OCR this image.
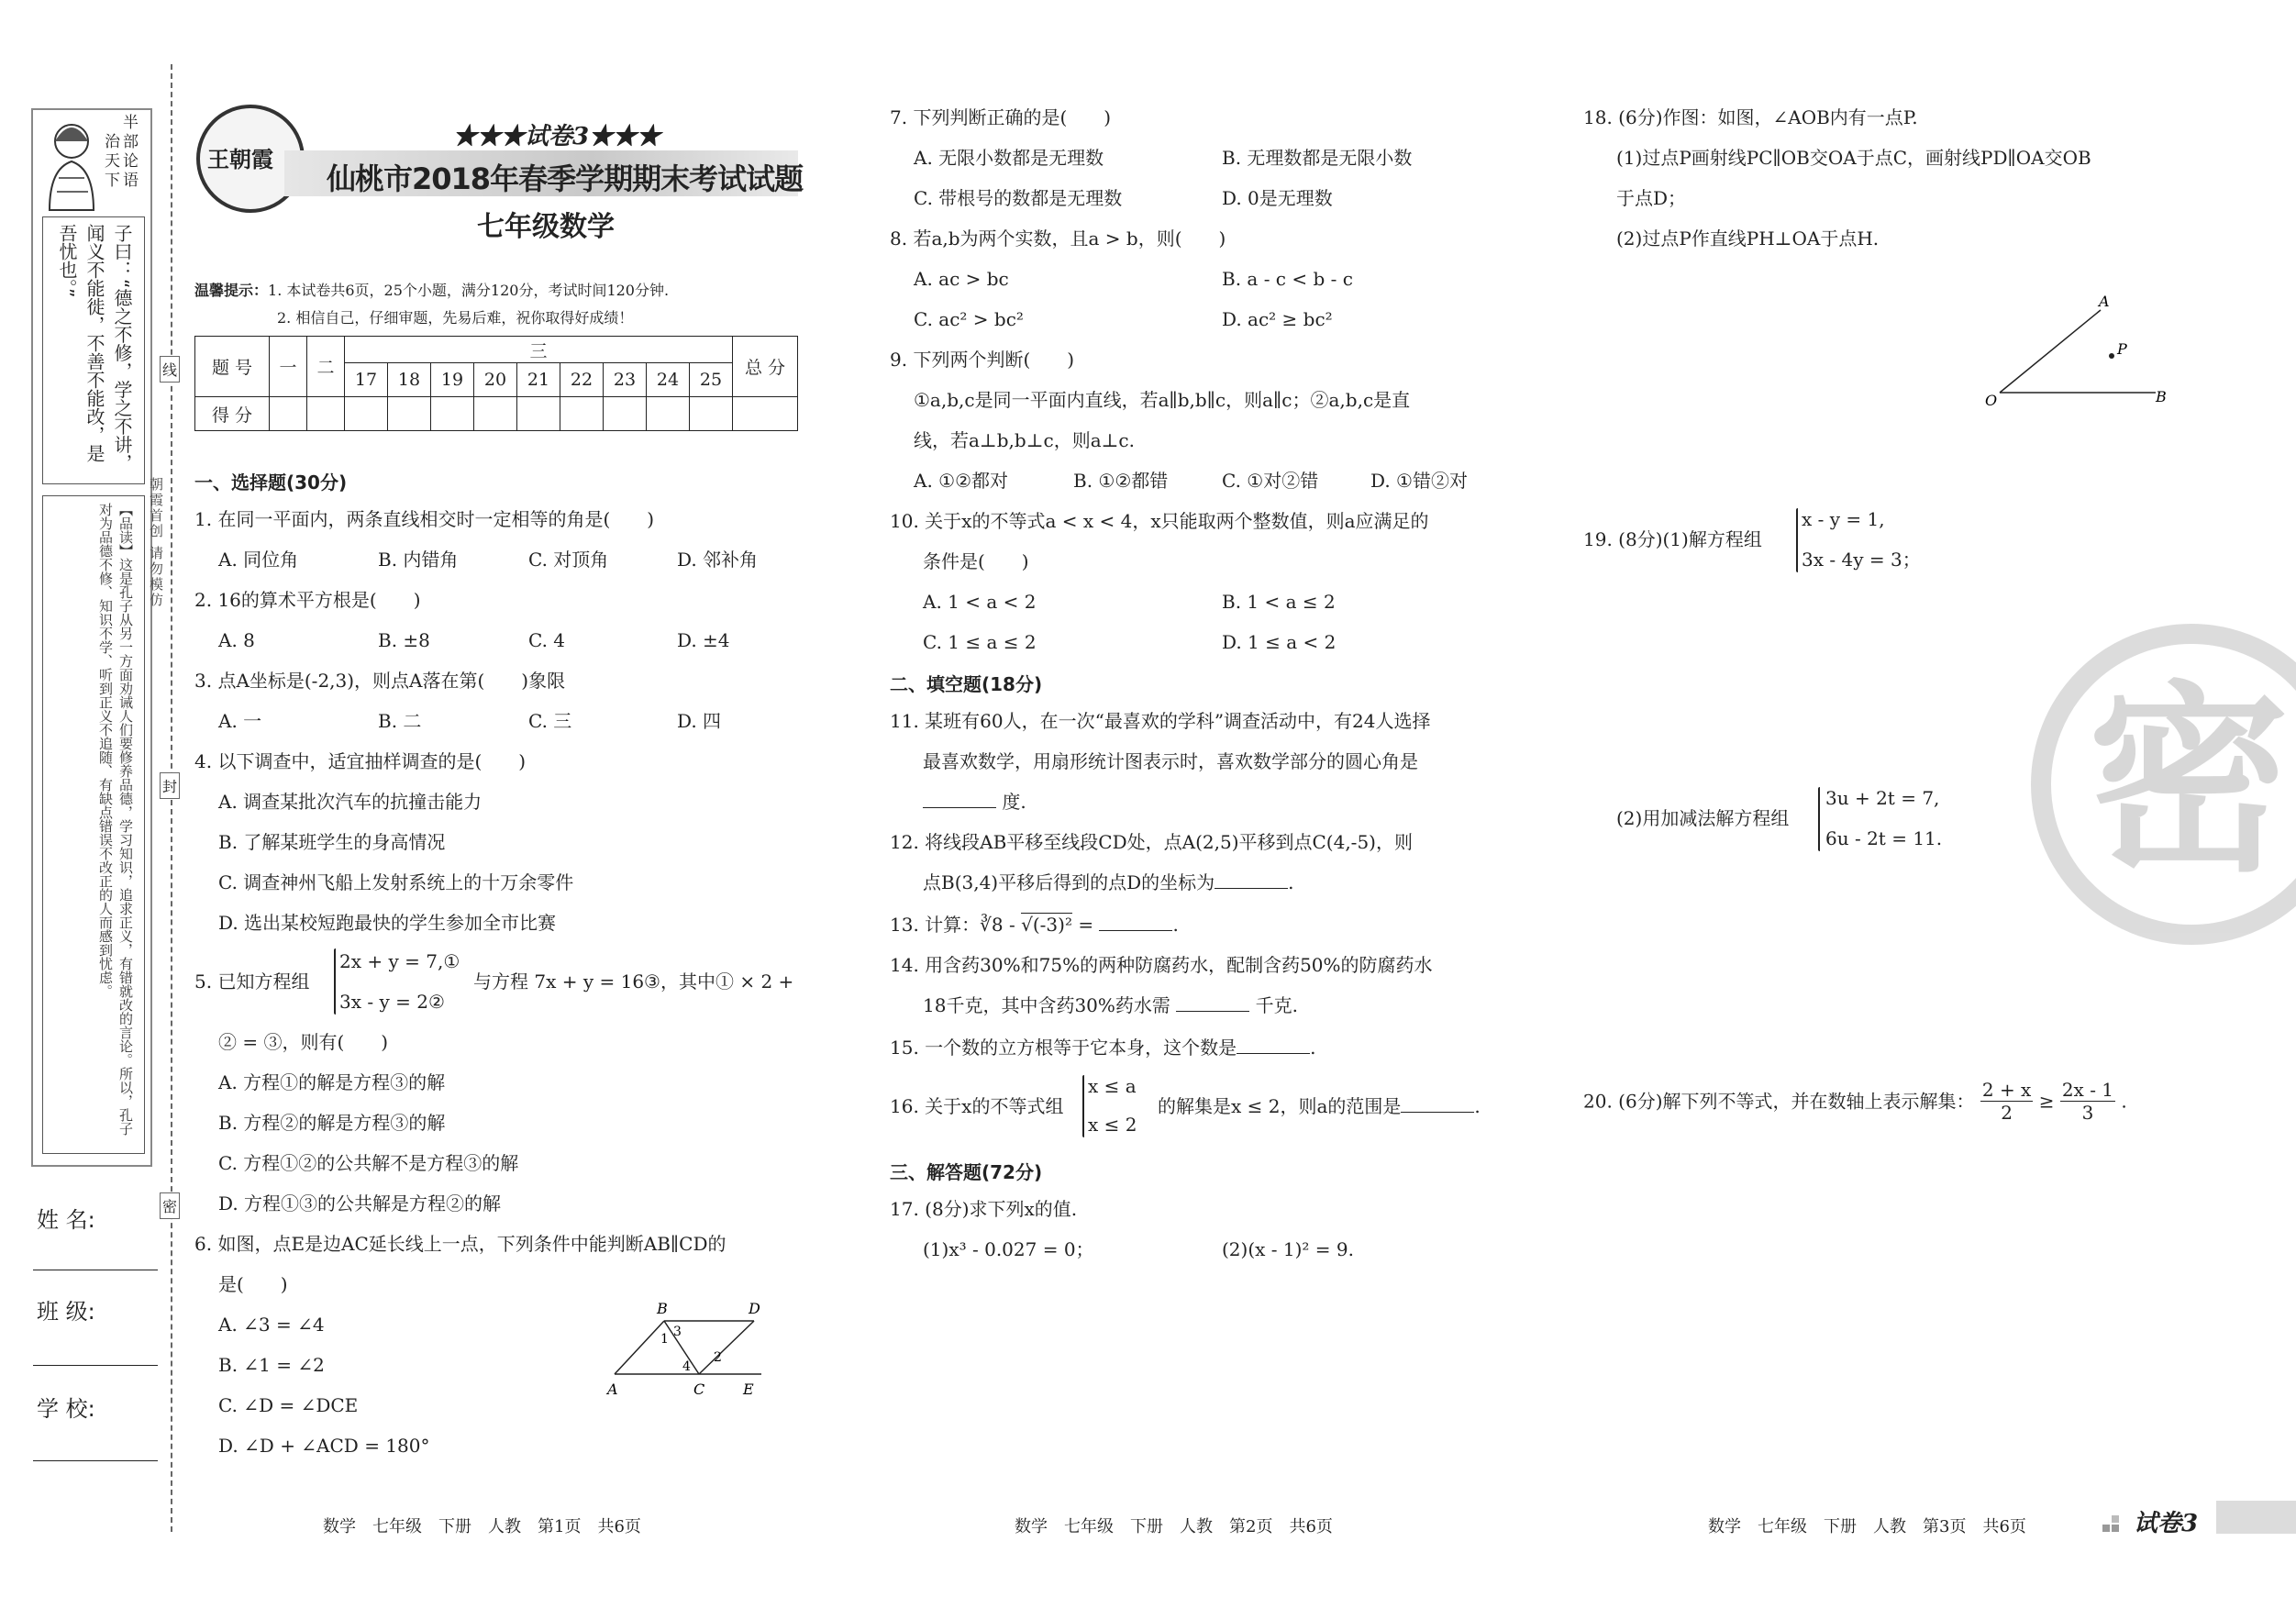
半部论语
治天下
子曰：“德之不修，学之不讲，闻义不能徙，不善不能改，是吾忧也。”
【品读】这是孔子从另一方面劝诫人们要修养品德，学习知识，追求正义，有错就改的言论。所以，孔子对为品德不修、知识不学、听到正义不追随、有缺点错误不改正的人而感到忧虑。
姓 名:
班 级:
学 校:
线
封
密
朝霞首创 请勿模仿
王朝霞
★★★试卷3★★★
仙桃市2018年春季学期期末考试试题
七年级数学
温馨提示：1. 本试卷共6页，25个小题，满分120分，考试时间120分钟.
2. 相信自己，仔细审题，先易后难，祝你取得好成绩！
题 号	一	二	三									总 分
			17	18	19	20	21	22	23	24	25	
得 分												
一、选择题(30分)
1. 在同一平面内，两条直线相交时一定相等的角是(　　)
A. 同位角	B. 内错角	C. 对顶角	D. 邻补角
2. 16的算术平方根是(　　)
A. 8	B. ±8	C. 4	D. ±4
3. 点A坐标是(-2,3)，则点A落在第(　　)象限
A. 一	B. 二	C. 三	D. 四
4. 以下调查中，适宜抽样调查的是(　　)
A. 调查某批次汽车的抗撞击能力
B. 了解某班学生的身高情况
C. 调查神州飞船上发射系统上的十万余零件
D. 选出某校短跑最快的学生参加全市比赛
5. 已知方程组
2x + y = 7,①
3x - y = 2②
与方程 7x + y = 16③，其中① × 2 +
② = ③，则有(　　)
A. 方程①的解是方程③的解
B. 方程②的解是方程③的解
C. 方程①②的公共解不是方程③的解
D. 方程①③的公共解是方程②的解
6. 如图，点E是边AC延长线上一点，下列条件中能判断AB∥CD的
是(　　)
A. ∠3 = ∠4
B. ∠1 = ∠2
C. ∠D = ∠DCE
D. ∠D + ∠ACD = 180°
A
B
C
D
E
1
2
3
4
数学　七年级　下册　人教　第1页　共6页
7. 下列判断正确的是(　　)
A. 无限小数都是无理数	B. 无理数都是无限小数
C. 带根号的数都是无理数	D. 0是无理数
8. 若a,b为两个实数，且a > b，则(　　)
A. ac > bc	B. a - c < b - c
C. ac² > bc²	D. ac² ≥ bc²
9. 下列两个判断(　　)
①a,b,c是同一平面内直线，若a∥b,b∥c，则a∥c；②a,b,c是直
线，若a⊥b,b⊥c，则a⊥c.
A. ①②都对	B. ①②都错	C. ①对②错	D. ①错②对
10. 关于x的不等式a < x < 4，x只能取两个整数值，则a应满足的
条件是(　　)
A. 1 < a < 2	B. 1 < a ≤ 2
C. 1 ≤ a ≤ 2	D. 1 ≤ a < 2
二、填空题(18分)
11. 某班有60人，在一次“最喜欢的学科”调查活动中，有24人选择
最喜欢数学，用扇形统计图表示时，喜欢数学部分的圆心角是
度.
12. 将线段AB平移至线段CD处，点A(2,5)平移到点C(4,-5)，则
点B(3,4)平移后得到的点D的坐标为	.
13. 计算：∛8 - √(-3)² =	.
14. 用含药30%和75%的两种防腐药水，配制含药50%的防腐药水
18千克，其中含药30%药水需	千克.
15. 一个数的立方根等于它本身，这个数是	.
16. 关于x的不等式组
x ≤ a
x ≤ 2
的解集是x ≤ 2，则a的范围是	.
三、解答题(72分)
17. (8分)求下列x的值.
(1)x³ - 0.027 = 0；	(2)(x - 1)² = 9.
数学　七年级　下册　人教　第2页　共6页
18. (6分)作图：如图，∠AOB内有一点P.
(1)过点P画射线PC∥OB交OA于点C，画射线PD∥OA交OB
于点D；
(2)过点P作直线PH⊥OA于点H.
A
P
O	B
19. (8分)(1)解方程组
x - y = 1,
3x - 4y = 3；
密
(2)用加减法解方程组
3u + 2t = 7,
6u - 2t = 11.
20. (6分)解下列不等式，并在数轴上表示解集： $\frac{2 + x}{2} \ge \frac{2x - 1}{3}$ .
数学　七年级　下册　人教　第3页　共6页	试卷3
